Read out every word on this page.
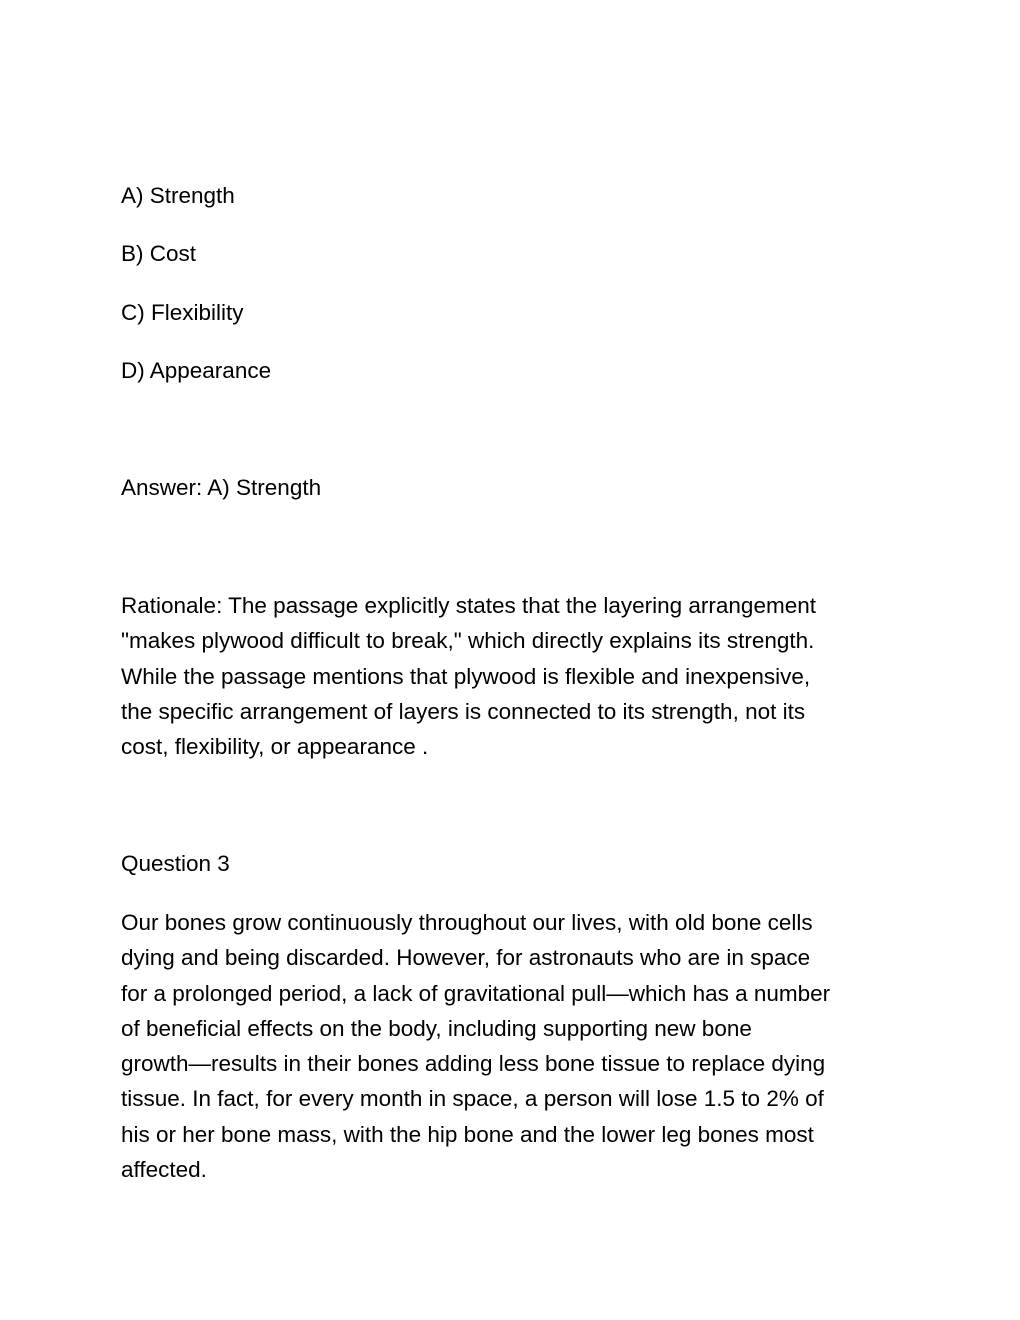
A) Strength

B) Cost

C) Flexibility

D) Appearance

Answer: A) Strength

Rationale: The passage explicitly states that the layering arrangement
"makes plywood difficult to break," which directly explains its strength.
While the passage mentions that plywood is flexible and inexpensive,
the specific arrangement of layers is connected to its strength, not its
cost, flexibility, or appearance .

Question 3

Our bones grow continuously throughout our lives, with old bone cells
dying and being discarded. However, for astronauts who are in space
for a prolonged period, a lack of gravitational pull—which has a number
of beneficial effects on the body, including supporting new bone
growth—results in their bones adding less bone tissue to replace dying
tissue. In fact, for every month in space, a person will lose 1.5 to 2% of
his or her bone mass, with the hip bone and the lower leg bones most
affected.
